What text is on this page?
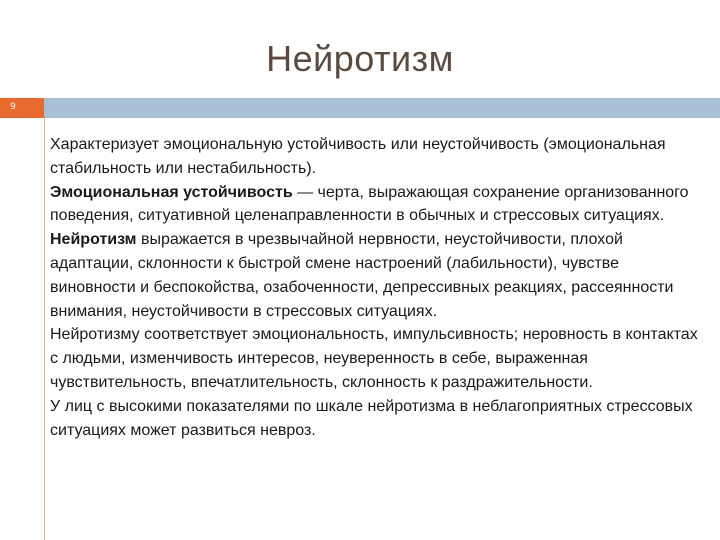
Нейротизм
9

Характеризует эмоциональную устойчивость или неустойчивость (эмоциональная стабильность или нестабильность).

Эмоциональная устойчивость — черта, выражающая сохранение организованного поведения, ситуативной целенаправленности в обычных и стрессовых ситуациях.

Нейротизм выражается в чрезвычайной нервности, неустойчивости, плохой адаптации, склонности к быстрой смене настроений (лабильности), чувстве виновности и беспокойства, озабоченности, депрессивных реакциях, рассеянности внимания, неустойчивости в стрессовых ситуациях.

Нейротизму соответствует эмоциональность, импульсивность; неровность в контактах с людьми, изменчивость интересов, неуверенность в себе, выраженная чувствительность, впечатлительность, склонность к раздражительности.

У лиц с высокими показателями по шкале нейротизма в неблагоприятных стрессовых ситуациях может развиться невроз.
